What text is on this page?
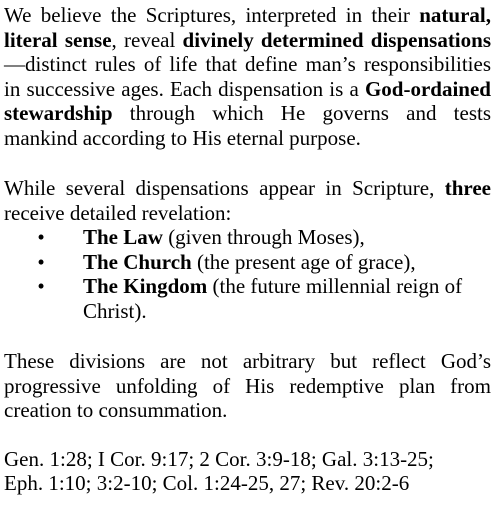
We believe the Scriptures, interpreted in their natural, literal sense, reveal divinely determined dispensations—distinct rules of life that define man’s responsibilities in successive ages. Each dispensation is a God-ordained stewardship through which He governs and tests mankind according to His eternal purpose.

While several dispensations appear in Scripture, three receive detailed revelation:

• The Law (given through Moses),
• The Church (the present age of grace),
• The Kingdom (the future millennial reign of Christ).

These divisions are not arbitrary but reflect God’s progressive unfolding of His redemptive plan from creation to consummation.

Gen. 1:28; I Cor. 9:17; 2 Cor. 3:9-18; Gal. 3:13-25;
Eph. 1:10; 3:2-10; Col. 1:24-25, 27; Rev. 20:2-6
